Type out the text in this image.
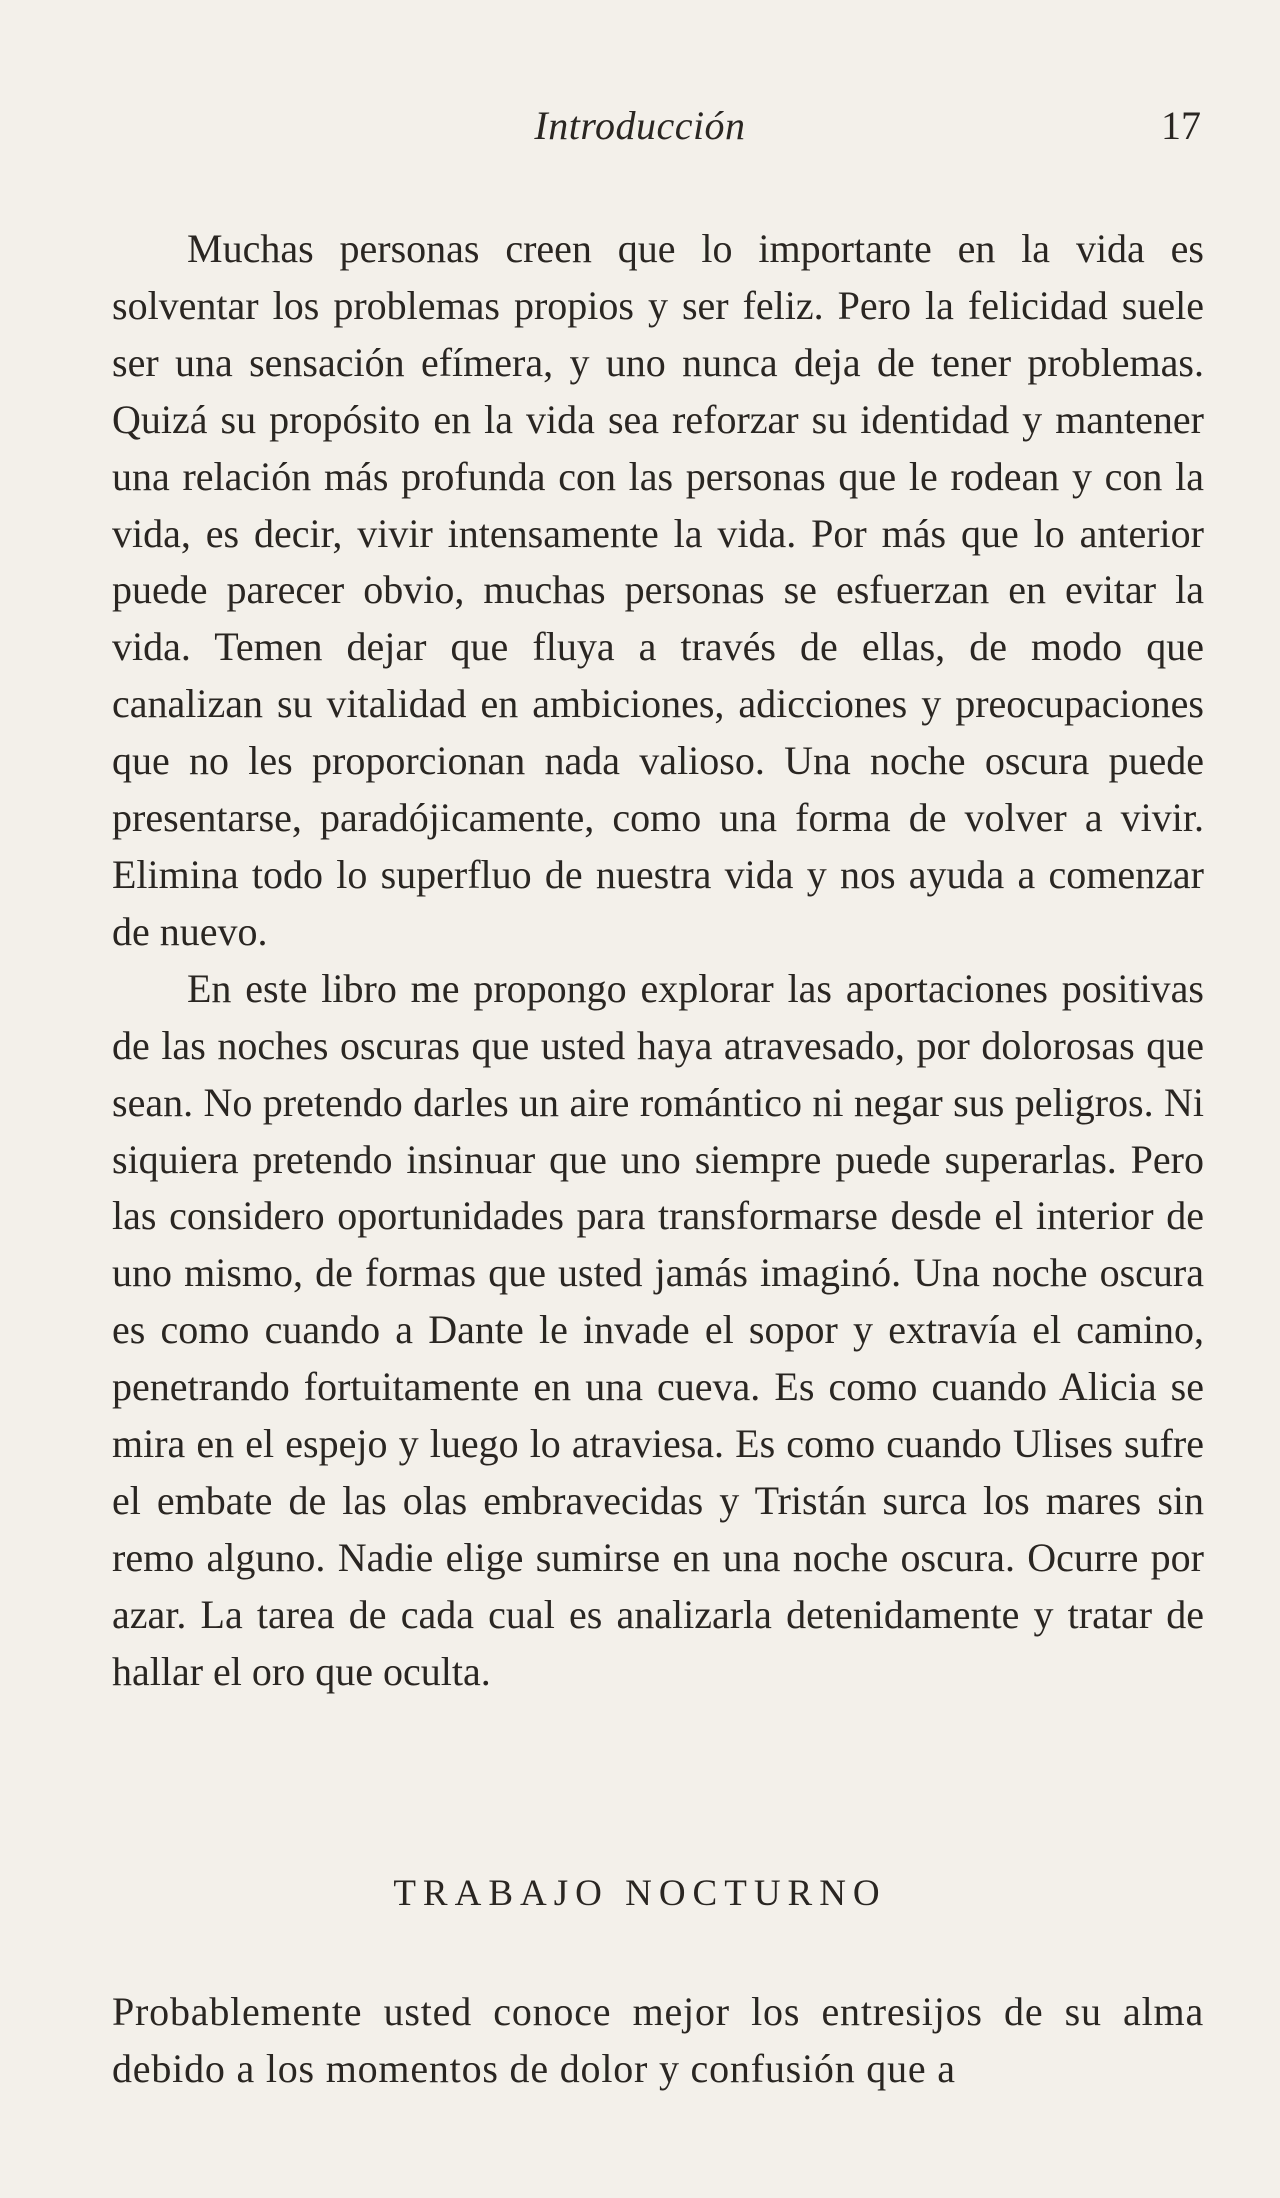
Introducción	17

Muchas personas creen que lo importante en la vida es solventar los problemas propios y ser feliz. Pero la felicidad suele ser una sensación efímera, y uno nunca deja de tener problemas. Quizá su propósito en la vida sea reforzar su identidad y mantener una relación más profunda con las personas que le rodean y con la vida, es decir, vivir intensamente la vida. Por más que lo anterior puede parecer obvio, muchas personas se esfuerzan en evitar la vida. Temen dejar que fluya a través de ellas, de modo que canalizan su vitalidad en ambiciones, adicciones y preocupaciones que no les proporcionan nada valioso. Una noche oscura puede presentarse, paradójicamente, como una forma de volver a vivir. Elimina todo lo superfluo de nuestra vida y nos ayuda a comenzar de nuevo.

En este libro me propongo explorar las aportaciones positivas de las noches oscuras que usted haya atravesado, por dolorosas que sean. No pretendo darles un aire romántico ni negar sus peligros. Ni siquiera pretendo insinuar que uno siempre puede superarlas. Pero las considero oportunidades para transformarse desde el interior de uno mismo, de formas que usted jamás imaginó. Una noche oscura es como cuando a Dante le invade el sopor y extravía el camino, penetrando fortuitamente en una cueva. Es como cuando Alicia se mira en el espejo y luego lo atraviesa. Es como cuando Ulises sufre el embate de las olas embravecidas y Tristán surca los mares sin remo alguno. Nadie elige sumirse en una noche oscura. Ocurre por azar. La tarea de cada cual es analizarla detenidamente y tratar de hallar el oro que oculta.

TRABAJO NOCTURNO

Probablemente usted conoce mejor los entresijos de su alma debido a los momentos de dolor y confusión que a
